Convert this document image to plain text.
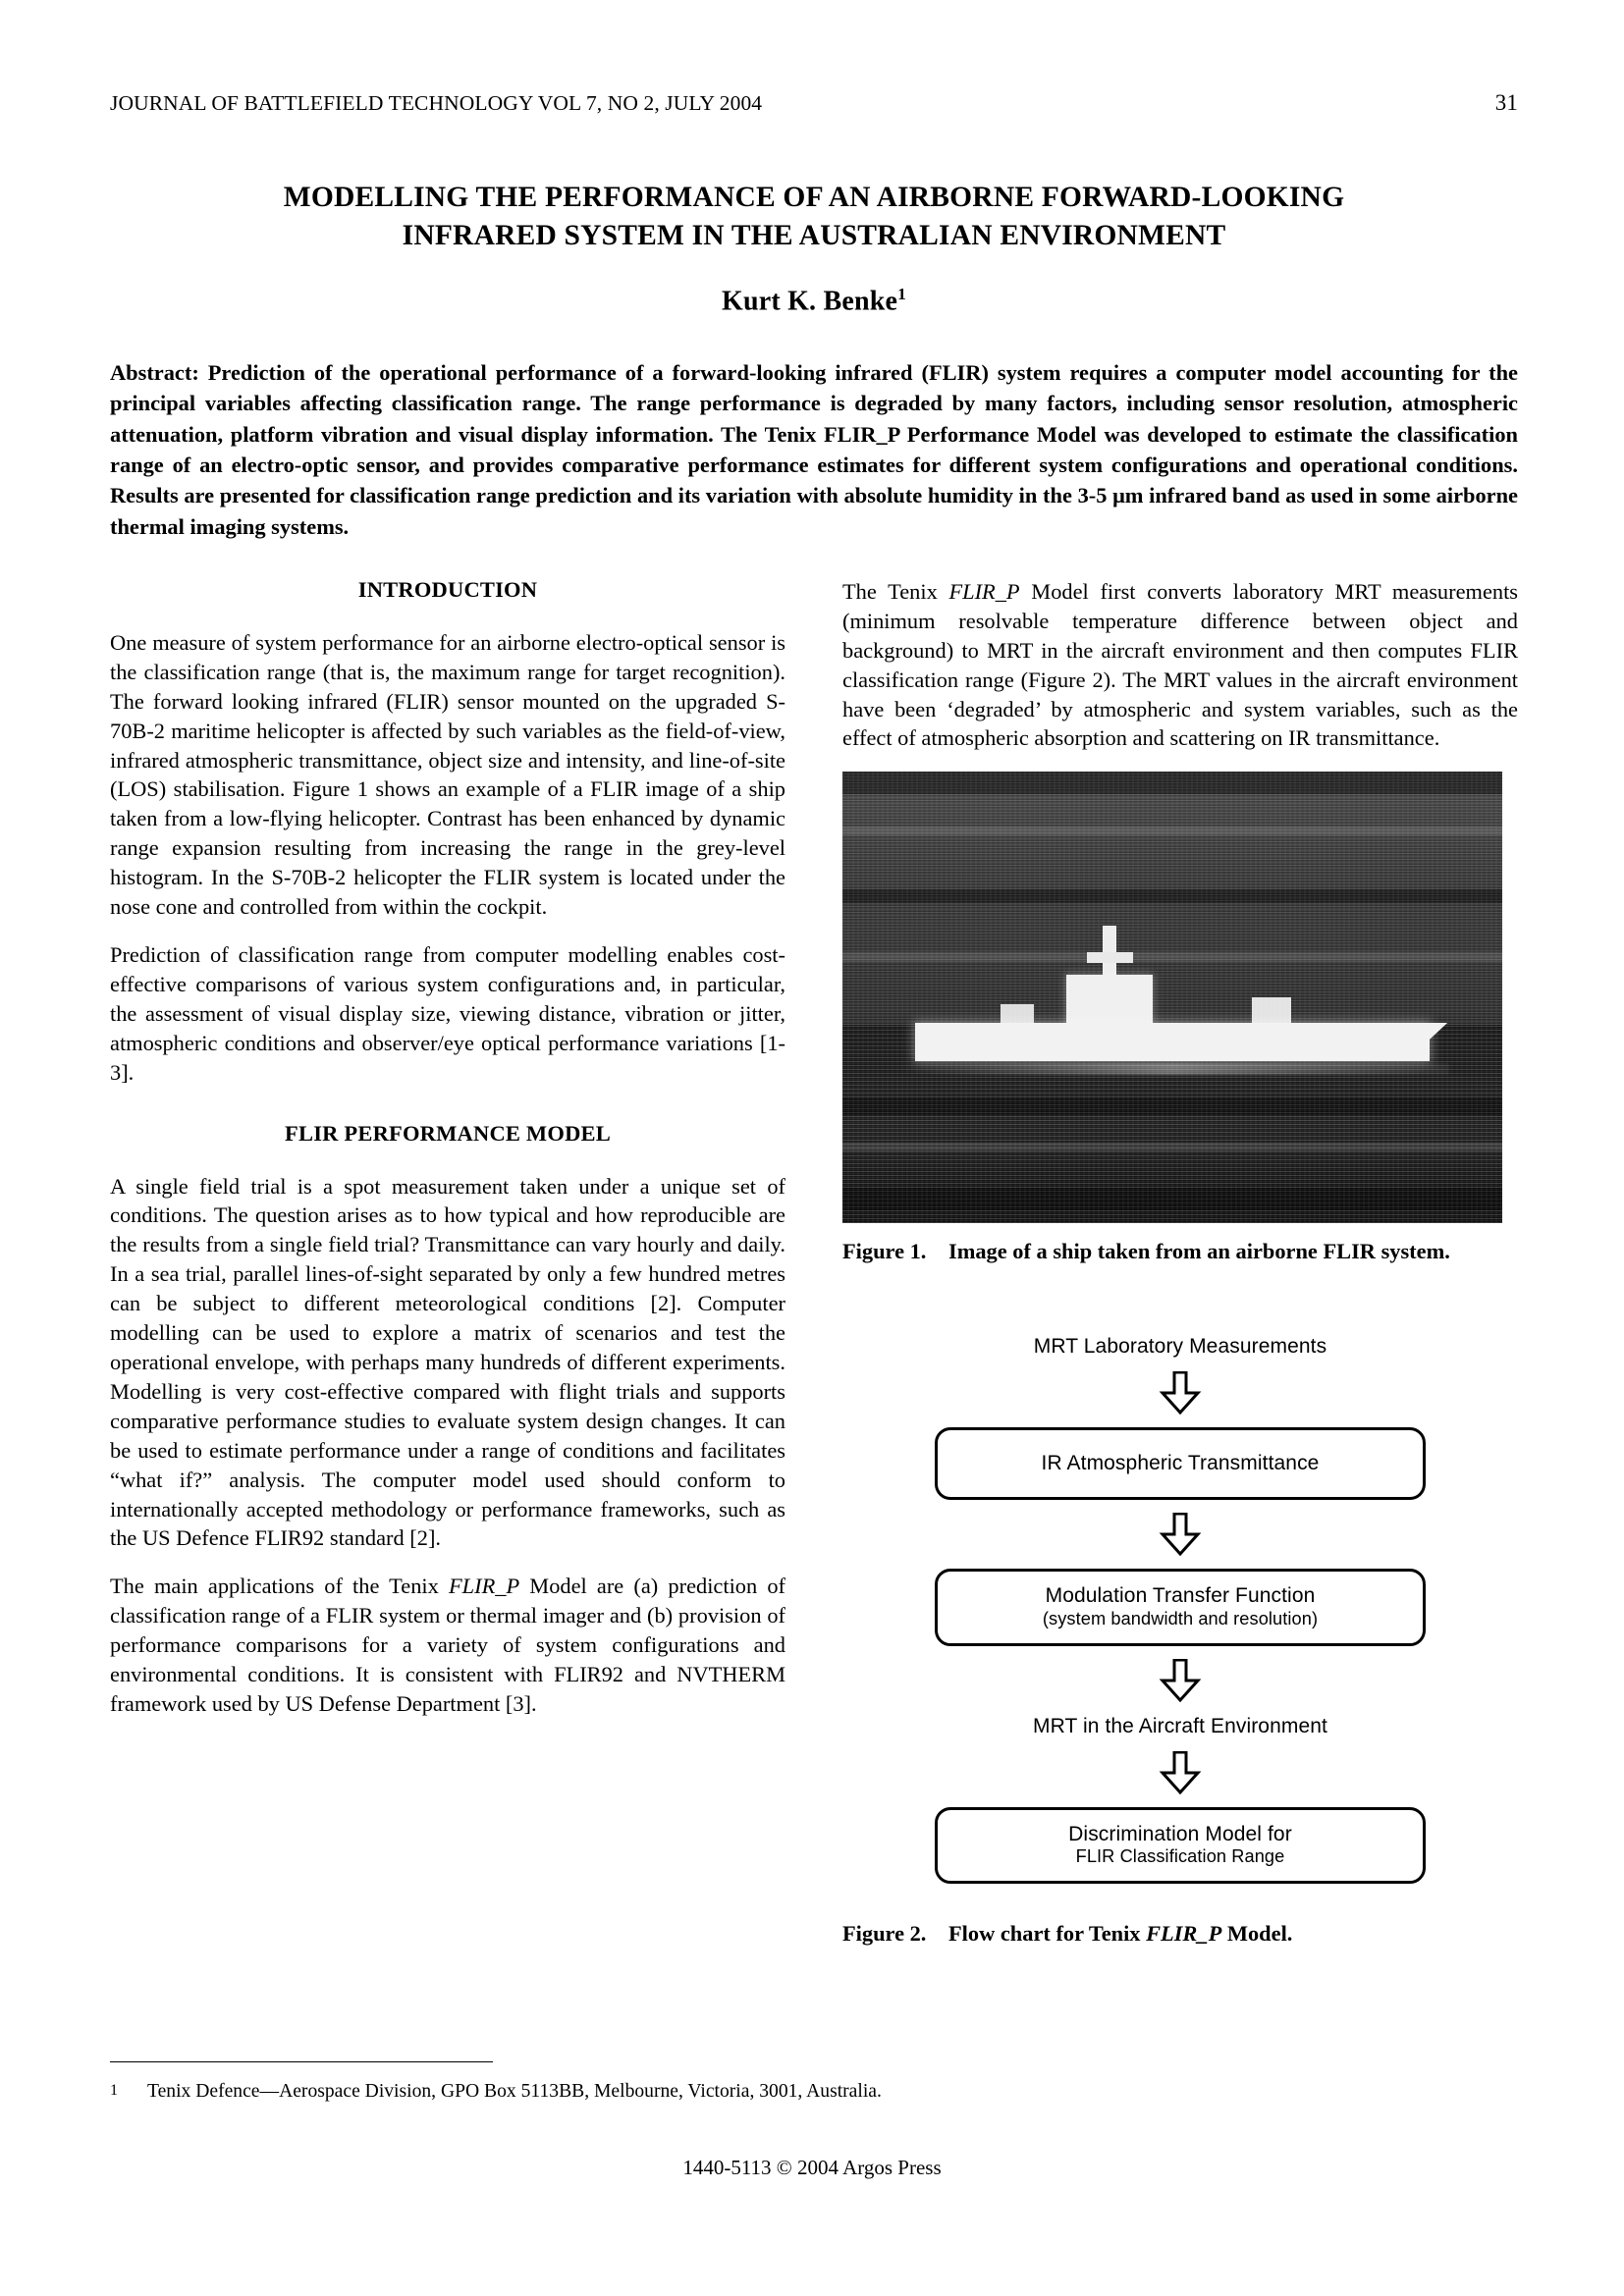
JOURNAL OF BATTLEFIELD TECHNOLOGY VOL 7, NO 2, JULY 2004	31
MODELLING THE PERFORMANCE OF AN AIRBORNE FORWARD-LOOKING
INFRARED SYSTEM IN THE AUSTRALIAN ENVIRONMENT
Kurt K. Benke$^1$
Abstract: Prediction of the operational performance of a forward-looking infrared (FLIR) system requires a computer model accounting for the principal variables affecting classification range. The range performance is degraded by many factors, including sensor resolution, atmospheric attenuation, platform vibration and visual display information. The Tenix FLIR_P Performance Model was developed to estimate the classification range of an electro-optic sensor, and provides comparative performance estimates for different system configurations and operational conditions. Results are presented for classification range prediction and its variation with absolute humidity in the 3-5 μm infrared band as used in some airborne thermal imaging systems.
INTRODUCTION

One measure of system performance for an airborne electro-optical sensor is the classification range (that is, the maximum range for target recognition). The forward looking infrared (FLIR) sensor mounted on the upgraded S-70B-2 maritime helicopter is affected by such variables as the field-of-view, infrared atmospheric transmittance, object size and intensity, and line-of-site (LOS) stabilisation. Figure 1 shows an example of a FLIR image of a ship taken from a low-flying helicopter. Contrast has been enhanced by dynamic range expansion resulting from increasing the range in the grey-level histogram. In the S-70B-2 helicopter the FLIR system is located under the nose cone and controlled from within the cockpit.

Prediction of classification range from computer modelling enables cost-effective comparisons of various system configurations and, in particular, the assessment of visual display size, viewing distance, vibration or jitter, atmospheric conditions and observer/eye optical performance variations [1-3].

FLIR PERFORMANCE MODEL

A single field trial is a spot measurement taken under a unique set of conditions. The question arises as to how typical and how reproducible are the results from a single field trial? Transmittance can vary hourly and daily. In a sea trial, parallel lines-of-sight separated by only a few hundred metres can be subject to different meteorological conditions [2]. Computer modelling can be used to explore a matrix of scenarios and test the operational envelope, with perhaps many hundreds of different experiments. Modelling is very cost-effective compared with flight trials and supports comparative performance studies to evaluate system design changes. It can be used to estimate performance under a range of conditions and facilitates “what if?” analysis. The computer model used should conform to internationally accepted methodology or performance frameworks, such as the US Defence FLIR92 standard [2].

The main applications of the Tenix FLIR_P Model are (a) prediction of classification range of a FLIR system or thermal imager and (b) provision of performance comparisons for a variety of system configurations and environmental conditions. It is consistent with FLIR92 and NVTHERM framework used by US Defense Department [3].

The Tenix FLIR_P Model first converts laboratory MRT measurements (minimum resolvable temperature difference between object and background) to MRT in the aircraft environment and then computes FLIR classification range (Figure 2). The MRT values in the aircraft environment have been ‘degraded’ by atmospheric and system variables, such as the effect of atmospheric absorption and scattering on IR transmittance.

Figure 1.	Image of a ship taken from an airborne FLIR system.
MRT Laboratory Measurements
IR Atmospheric Transmittance
Modulation Transfer Function
(system bandwidth and resolution)
MRT in the Aircraft Environment
Discrimination Model for
FLIR Classification Range
Figure 2.	Flow chart for Tenix FLIR_P Model.
1	Tenix Defence—Aerospace Division, GPO Box 5113BB, Melbourne, Victoria, 3001, Australia.
1440-5113 © 2004 Argos Press
